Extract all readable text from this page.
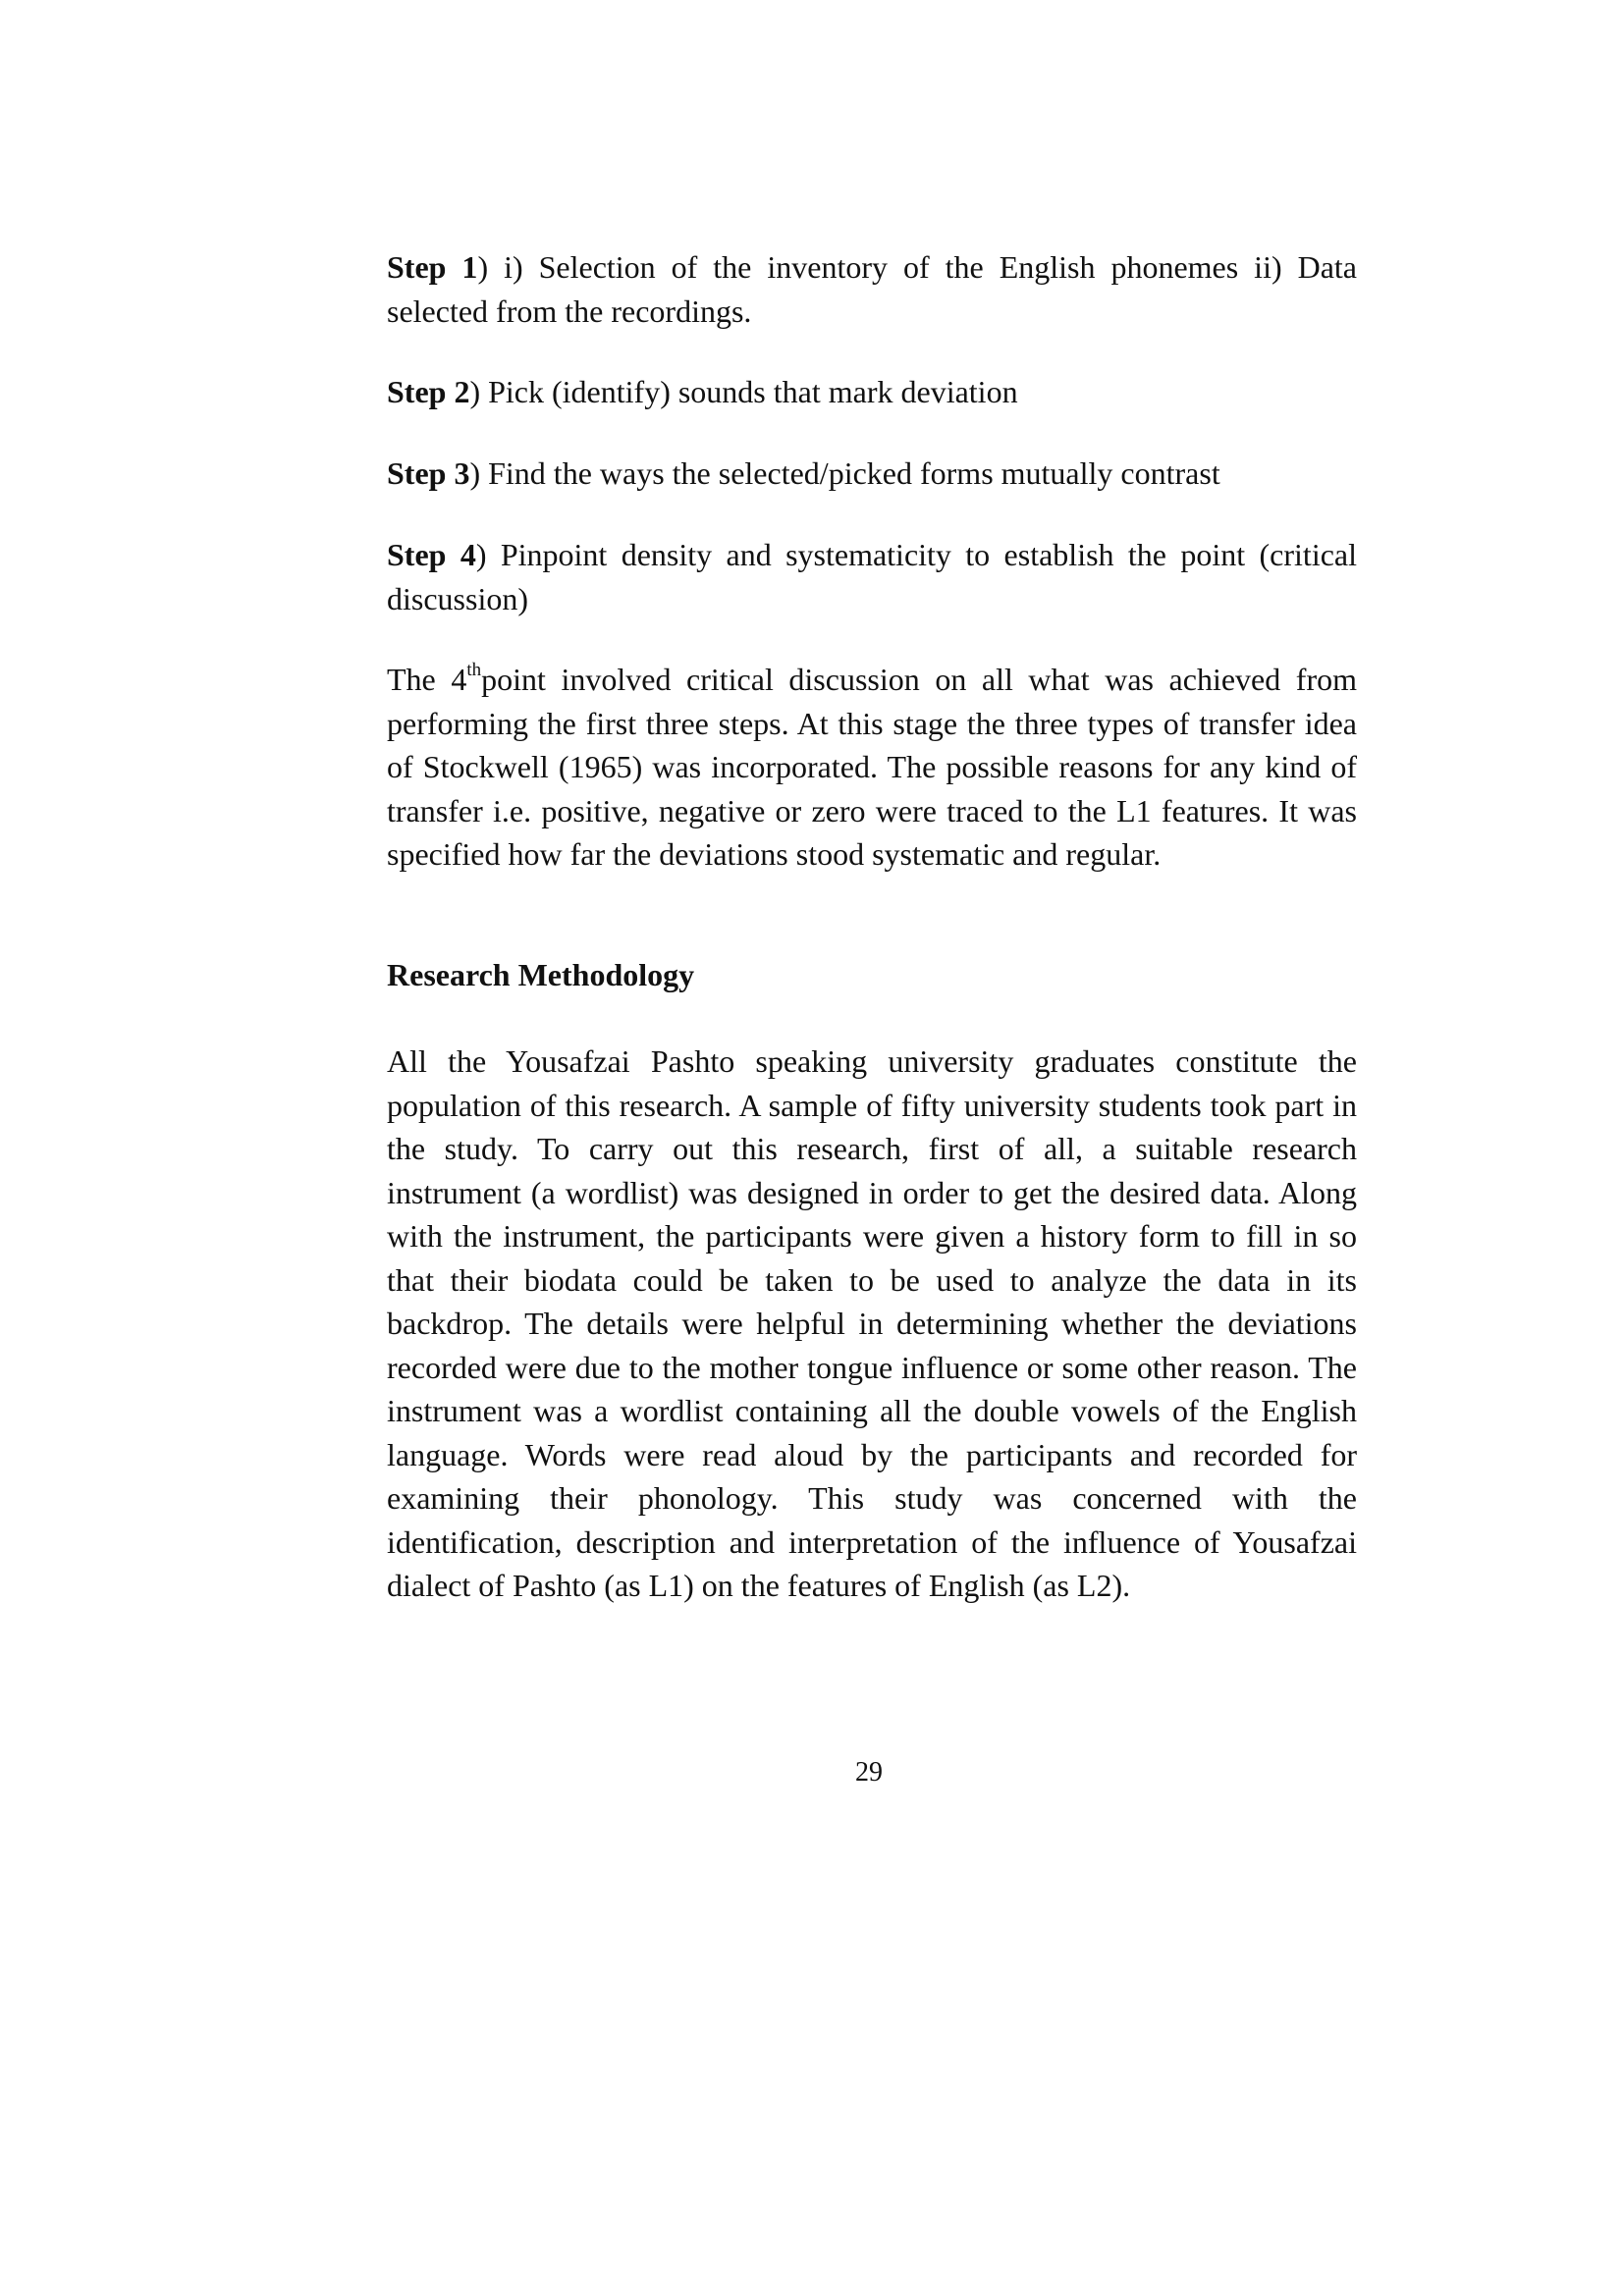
Step 1) i) Selection of the inventory of the English phonemes ii) Data selected from the recordings.

Step 2) Pick (identify) sounds that mark deviation

Step 3) Find the ways the selected/picked forms mutually contrast

Step 4) Pinpoint density and systematicity to establish the point (critical discussion)

The 4thpoint involved critical discussion on all what was achieved from performing the first three steps. At this stage the three types of transfer idea of Stockwell (1965) was incorporated. The possible reasons for any kind of transfer i.e. positive, negative or zero were traced to the L1 features. It was specified how far the deviations stood systematic and regular.

Research Methodology

All the Yousafzai Pashto speaking university graduates constitute the population of this research. A sample of fifty university students took part in the study. To carry out this research, first of all, a suitable research instrument (a wordlist) was designed in order to get the desired data. Along with the instrument, the participants were given a history form to fill in so that their biodata could be taken to be used to analyze the data in its backdrop. The details were helpful in determining whether the deviations recorded were due to the mother tongue influence or some other reason. The instrument was a wordlist containing all the double vowels of the English language. Words were read aloud by the participants and recorded for examining their phonology. This study was concerned with the identification, description and interpretation of the influence of Yousafzai dialect of Pashto (as L1) on the features of English (as L2).

29
